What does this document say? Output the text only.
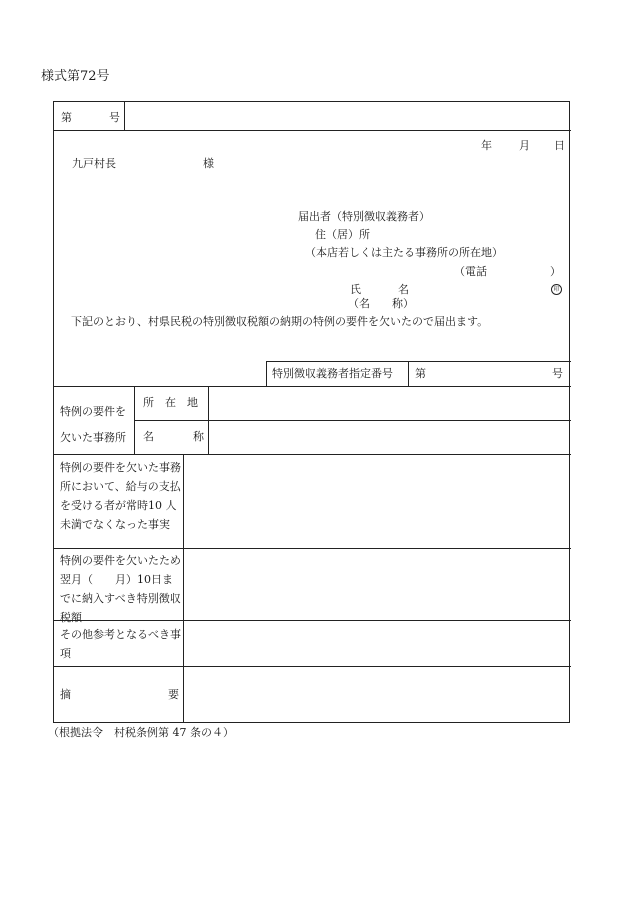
様式第72号
第	号
年 月 日
九戸村長	様
届出者（特別徴収義務者）
住（居）所
（本店若しくは主たる事務所の所在地）
（電話	）
氏	名	印
（名　　称）
下記のとおり、村県民税の特別徴収税額の納期の特例の要件を欠いたので届出ます。
特別徴収義務者指定番号 第	号
特例の要件を
欠いた事務所
所　在　地
名	称
特例の要件を欠いた事務所において、給与の支払を受ける者が常時10 人未満でなくなった事実
特例の要件を欠いたため翌月（　　月）10日までに納入すべき特別徴収税額
その他参考となるべき事項
摘	要
（根拠法令　村税条例第 47 条の４）
